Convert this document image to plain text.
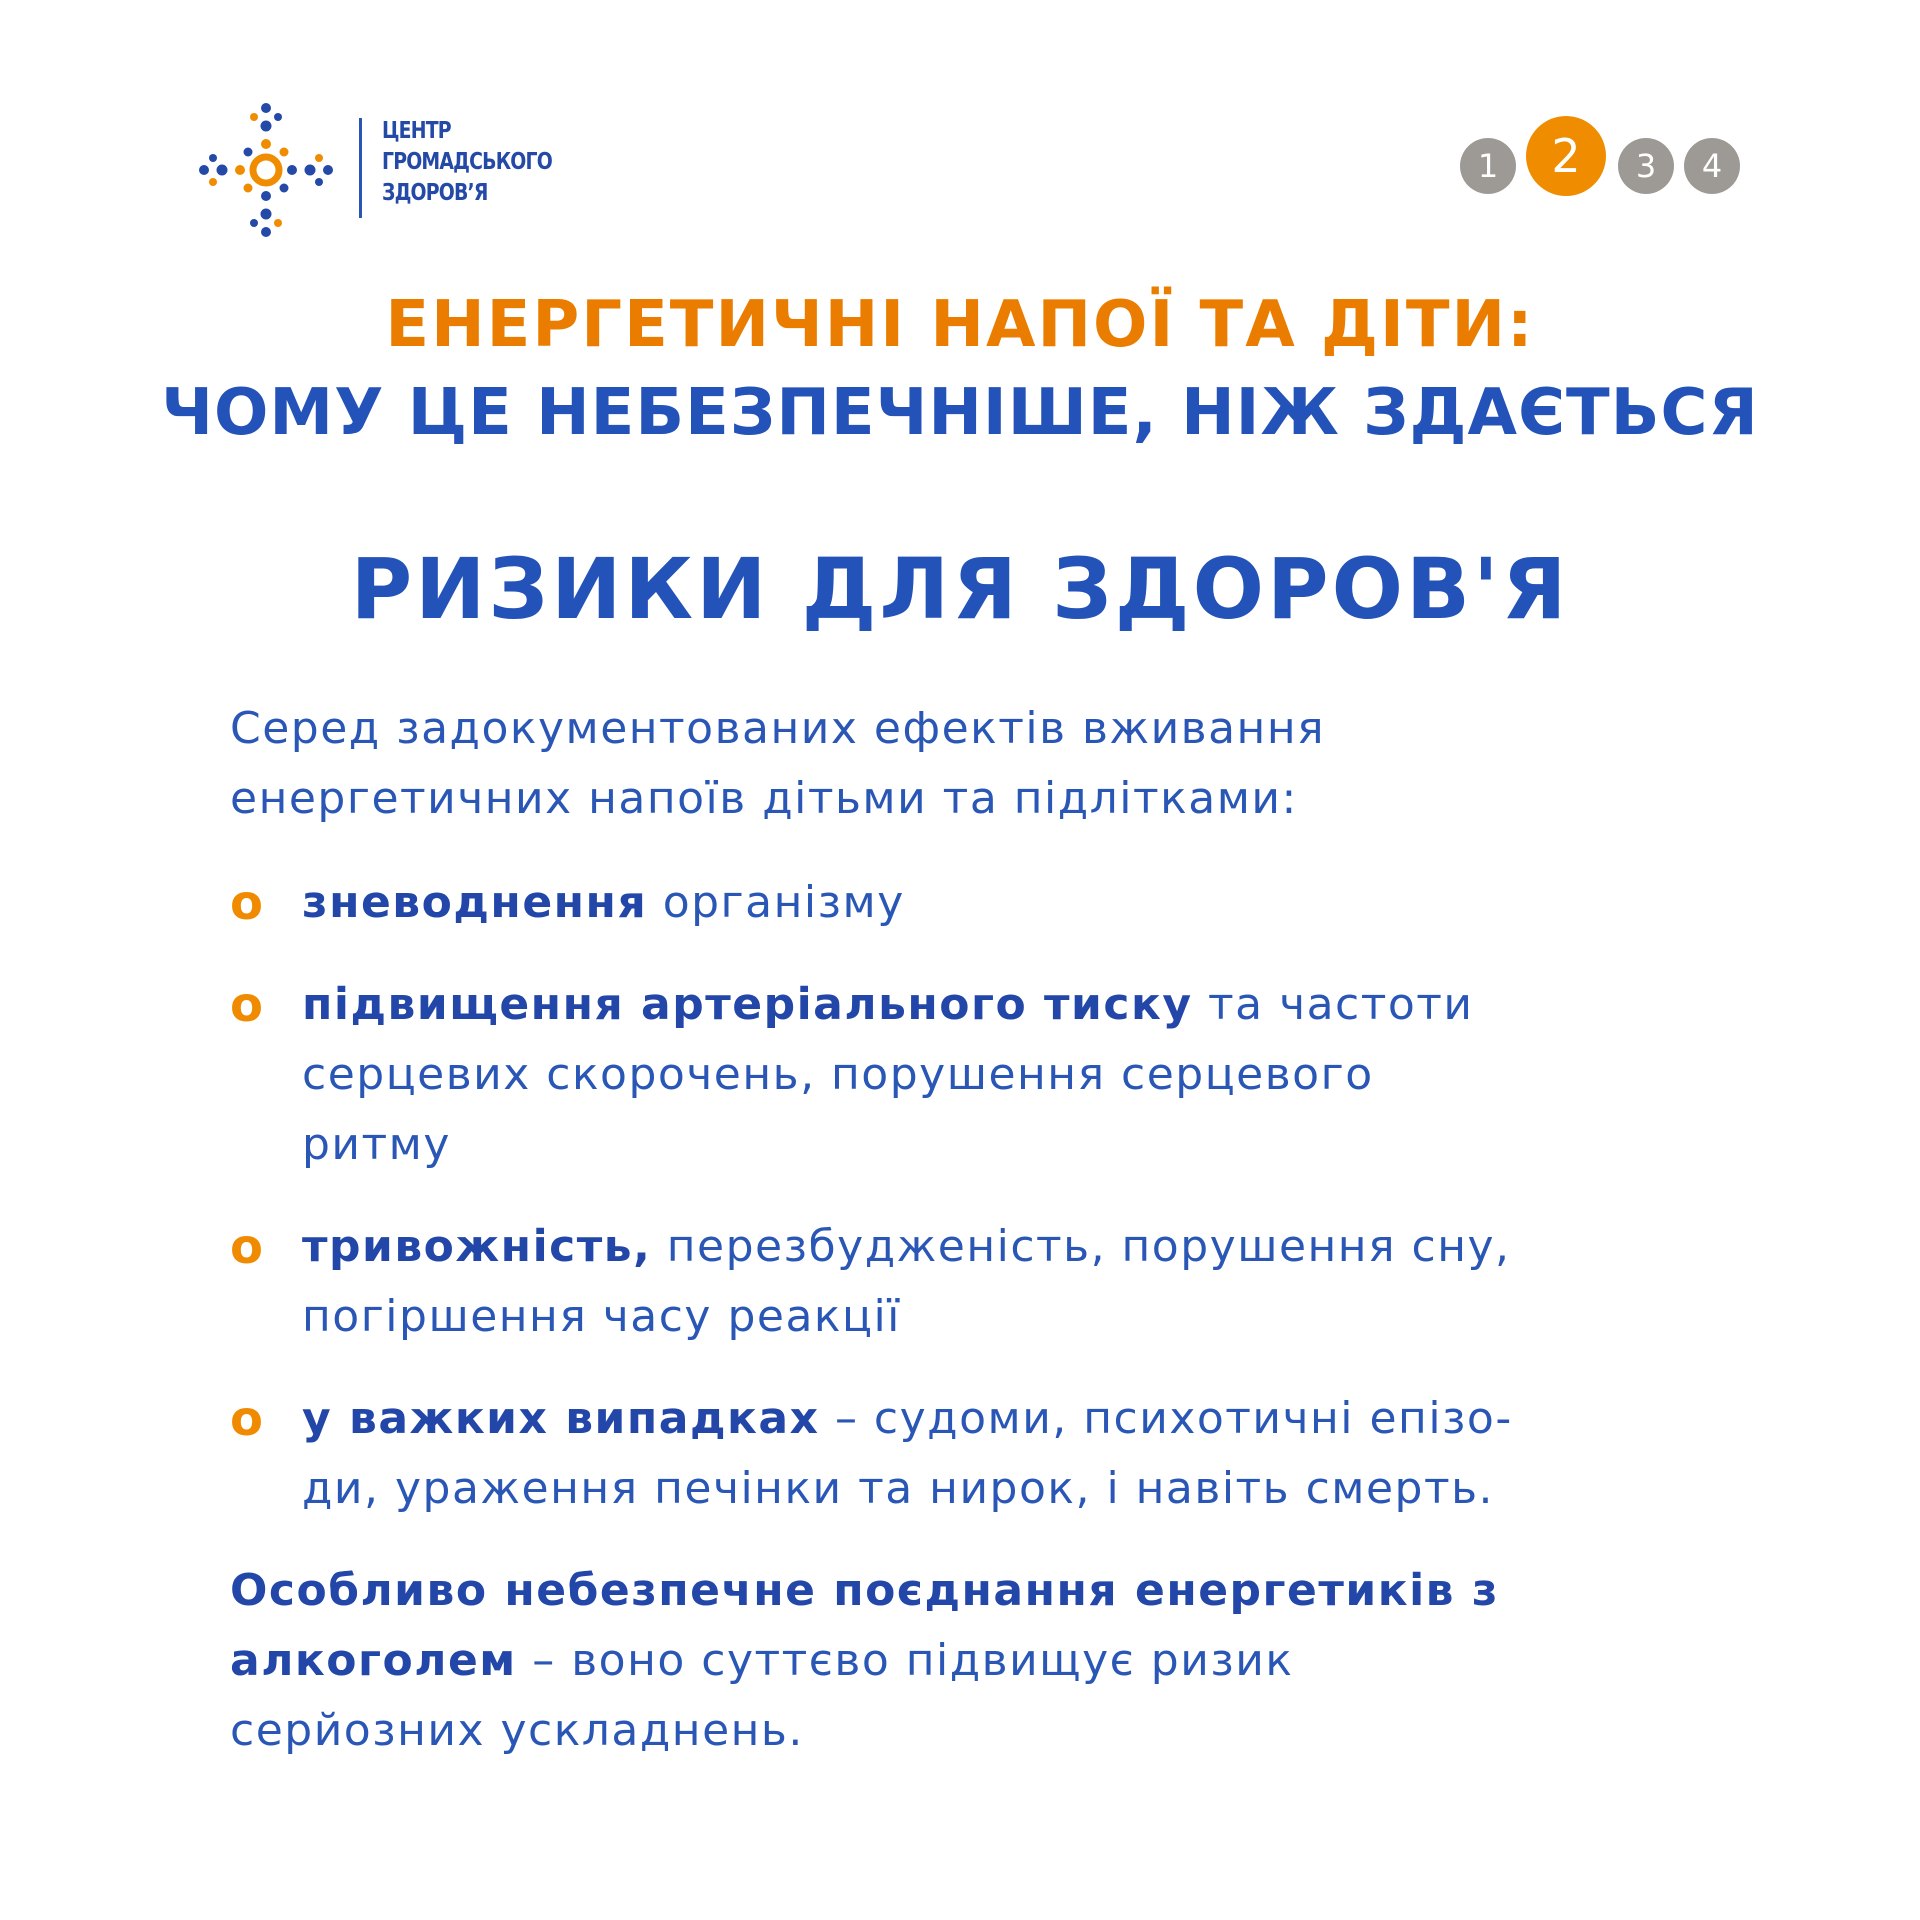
ЦЕНТР
ГРОМАДСЬКОГО
ЗДОРОВ’Я
1	2	3	4
ЕНЕРГЕТИЧНІ НАПОЇ ТА ДІТИ:
ЧОМУ ЦЕ НЕБЕЗПЕЧНІШЕ, НІЖ ЗДАЄТЬСЯ
РИЗИКИ ДЛЯ ЗДОРОВ'Я
Серед задокументованих ефектів вживання
енергетичних напоїв дітьми та підлітками:
о зневоднення організму
о підвищення артеріального тиску та частоти
серцевих скорочень, порушення серцевого
ритму
о тривожність, перезбудженість, порушення сну,
погіршення часу реакції
о у важких випадках – судоми, психотичні епізо-
ди, ураження печінки та нирок, і навіть смерть.
Особливо небезпечне поєднання енергетиків з
алкоголем – воно суттєво підвищує ризик
серйозних ускладнень.
